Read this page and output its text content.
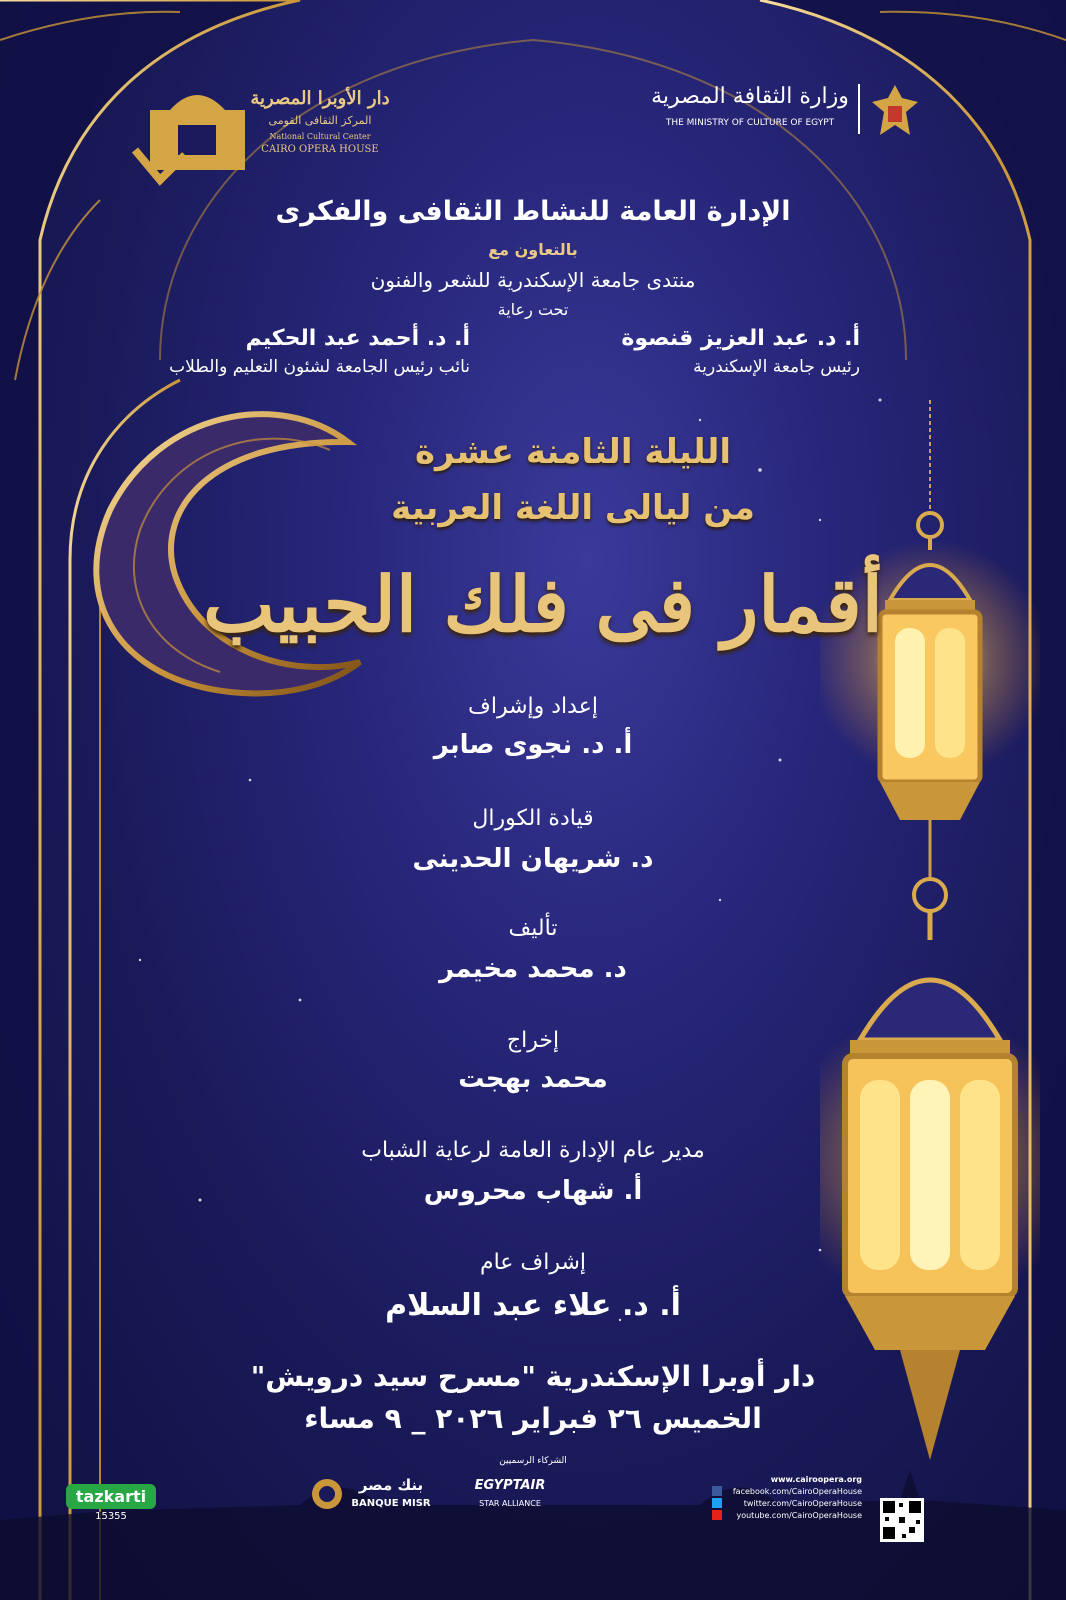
دار الأوبرا المصرية
المركز الثقافى القومى
National Cultural Center
CAIRO OPERA HOUSE
وزارة الثقافة المصرية
THE MINISTRY OF CULTURE OF EGYPT
الإدارة العامة للنشاط الثقافى والفكرى
بالتعاون مع
منتدى جامعة الإسكندرية للشعر والفنون
تحت رعاية
أ. د. عبد العزيز قنصوة
رئيس جامعة الإسكندرية
أ. د. أحمد عبد الحكيم
نائب رئيس الجامعة لشئون التعليم والطلاب
الليلة الثامنة عشرة
من ليالى اللغة العربية
أقمار فى فلك الحبيب
إعداد وإشراف
أ. د. نجوى صابر
قيادة الكورال
د. شريهان الحدينى
تأليف
د. محمد مخيمر
إخراج
محمد بهجت
مدير عام الإدارة العامة لرعاية الشباب
أ. شهاب محروس
إشراف عام
أ. د. علاء عبد السلام
دار أوبرا الإسكندرية "مسرح سيد درويش"
الخميس ٢٦ فبراير ٢٠٢٦ _ ٩ مساء
الشركاء الرسميين
tazkarti
15355
بنك مصر
BANQUE MISR
EGYPTAIR
STAR ALLIANCE
www.cairoopera.org
facebook.com/CairoOperaHouse
twitter.com/CairoOperaHouse
youtube.com/CairoOperaHouse
